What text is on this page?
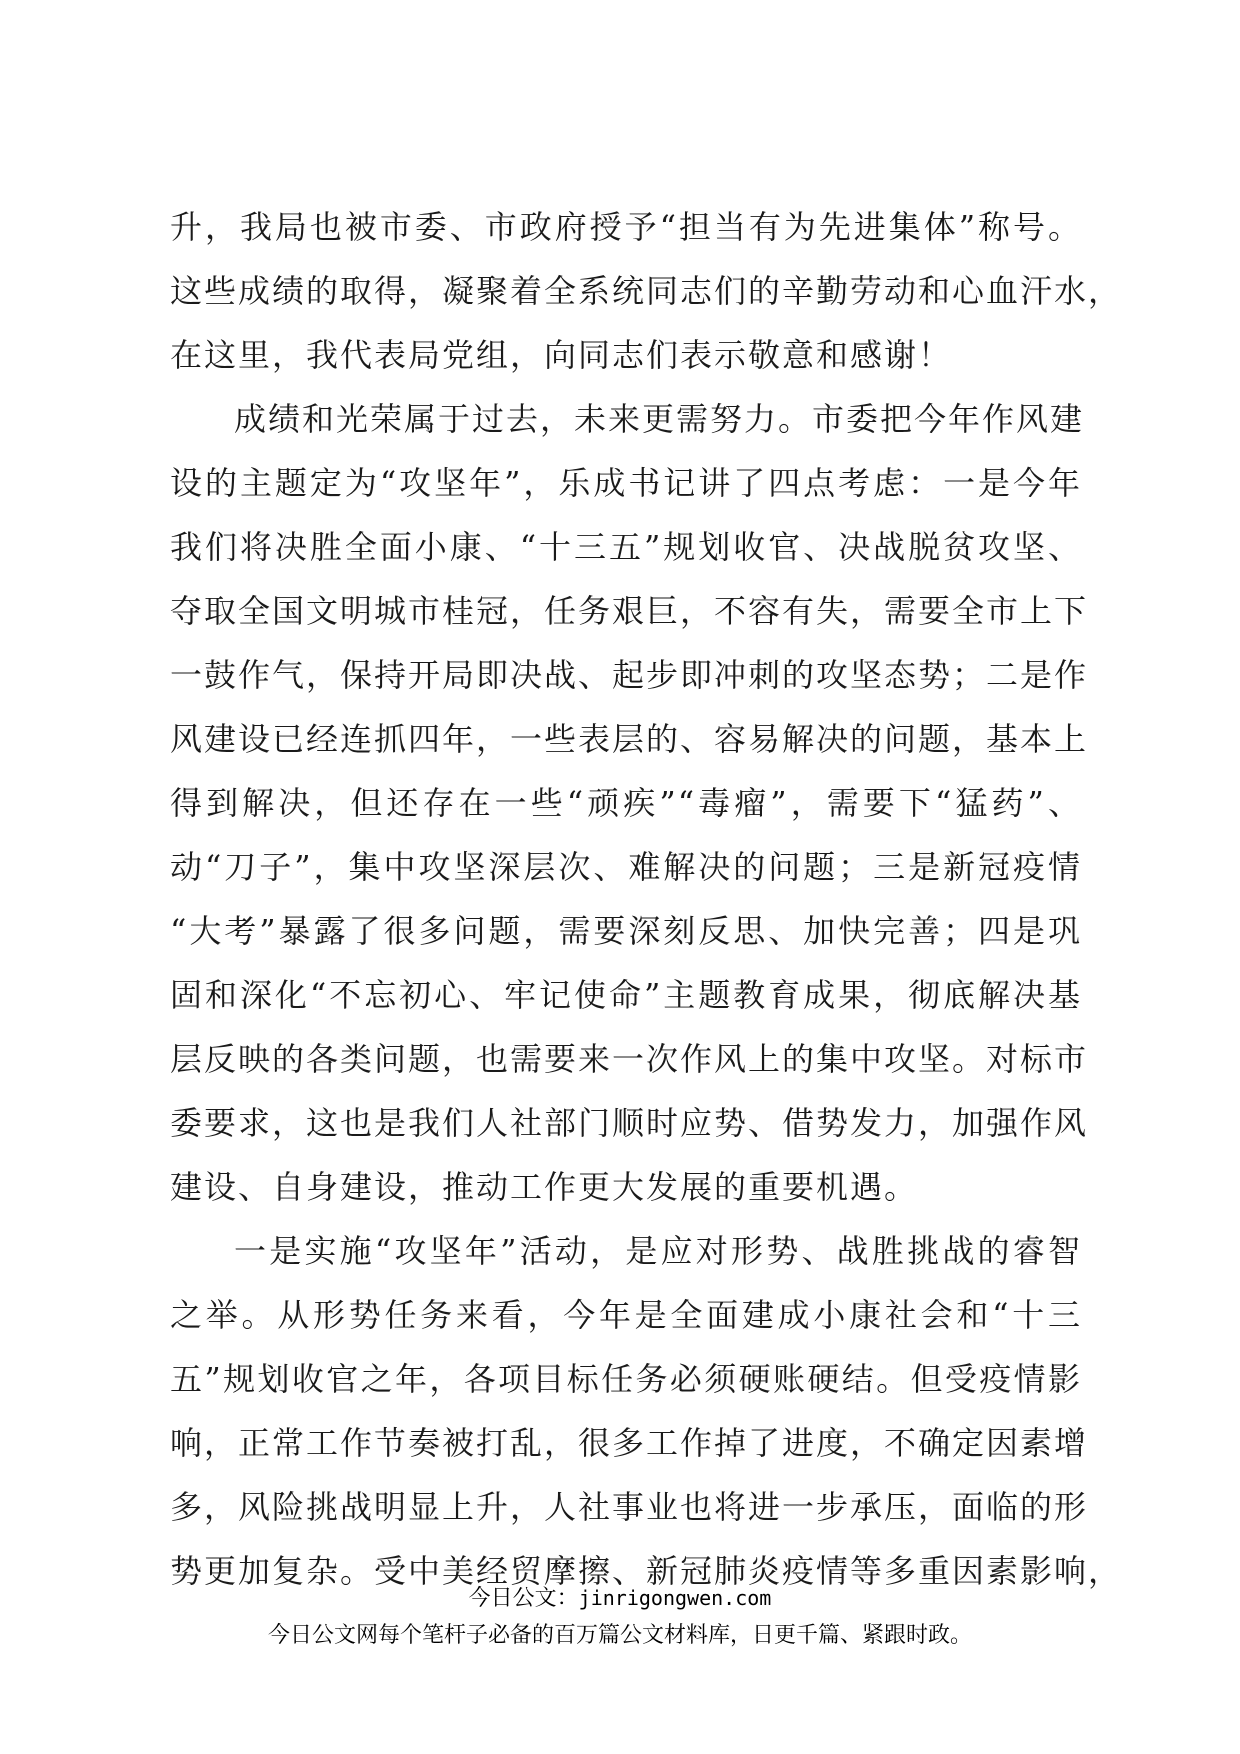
升，我局也被市委、市政府授予“担当有为先进集体”称号。
这些成绩的取得，凝聚着全系统同志们的辛勤劳动和心血汗水，
在这里，我代表局党组，向同志们表示敬意和感谢！
成绩和光荣属于过去，未来更需努力。市委把今年作风建
设的主题定为“攻坚年”，乐成书记讲了四点考虑：一是今年
我们将决胜全面小康、“十三五”规划收官、决战脱贫攻坚、
夺取全国文明城市桂冠，任务艰巨，不容有失，需要全市上下
一鼓作气，保持开局即决战、起步即冲刺的攻坚态势；二是作
风建设已经连抓四年，一些表层的、容易解决的问题，基本上
得到解决，但还存在一些“顽疾”“毒瘤”，需要下“猛药”、
动“刀子”，集中攻坚深层次、难解决的问题；三是新冠疫情
“大考”暴露了很多问题，需要深刻反思、加快完善；四是巩
固和深化“不忘初心、牢记使命”主题教育成果，彻底解决基
层反映的各类问题，也需要来一次作风上的集中攻坚。对标市
委要求，这也是我们人社部门顺时应势、借势发力，加强作风
建设、自身建设，推动工作更大发展的重要机遇。
一是实施“攻坚年”活动，是应对形势、战胜挑战的睿智
之举。从形势任务来看，今年是全面建成小康社会和“十三
五”规划收官之年，各项目标任务必须硬账硬结。但受疫情影
响，正常工作节奏被打乱，很多工作掉了进度，不确定因素增
多，风险挑战明显上升，人社事业也将进一步承压，面临的形
势更加复杂。受中美经贸摩擦、新冠肺炎疫情等多重因素影响，
今日公文：jinrigongwen.com
今日公文网每个笔杆子必备的百万篇公文材料库，日更千篇、紧跟时政。
